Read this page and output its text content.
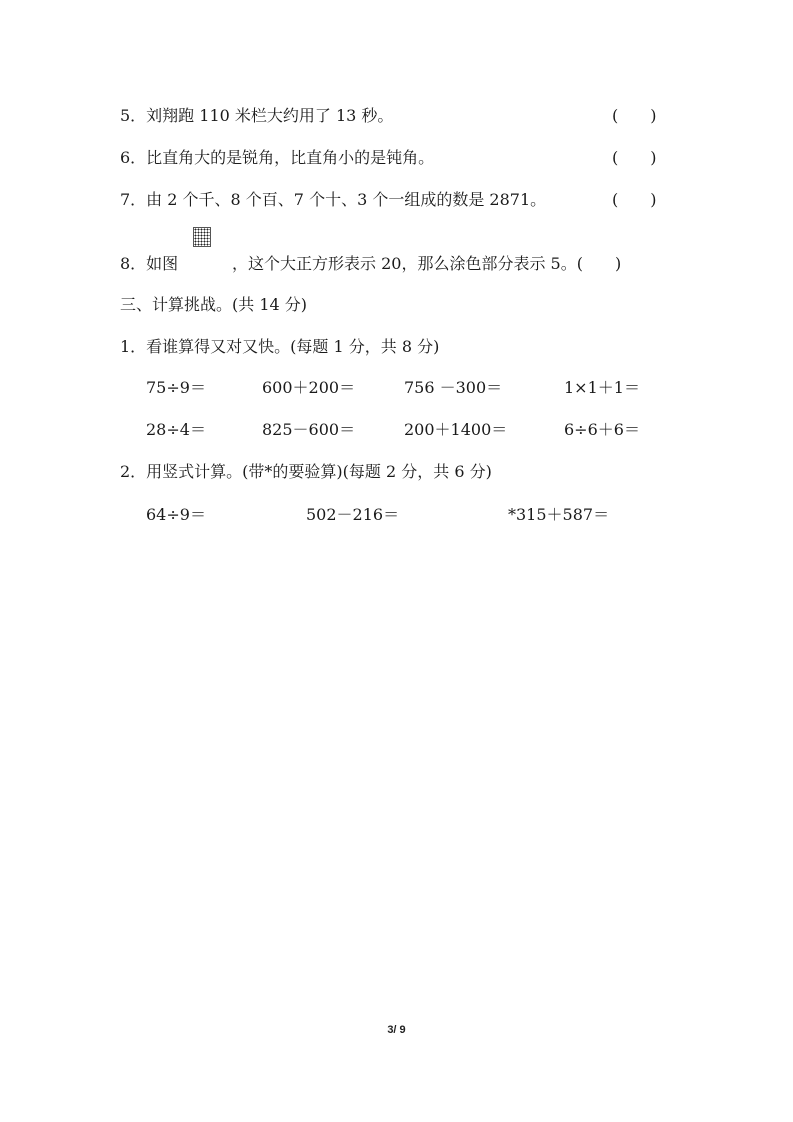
5．刘翔跑 110 米栏大约用了 13 秒。	(　　)
6．比直角大的是锐角，比直角小的是钝角。	(　　)
7．由 2 个千、8 个百、7 个十、3 个一组成的数是 2871。	(　　)
8．如图	，这个大正方形表示 20，那么涂色部分表示 5。(　　)
三、计算挑战。(共 14 分)
1．看谁算得又对又快。(每题 1 分，共 8 分)
75÷9＝	600＋200＝	756 －300＝	1×1＋1＝
28÷4＝	825－600＝	200＋1400＝	6÷6＋6＝
2．用竖式计算。(带*的要验算)(每题 2 分，共 6 分)
64÷9＝	502－216＝	*315＋587＝
3/ 9
